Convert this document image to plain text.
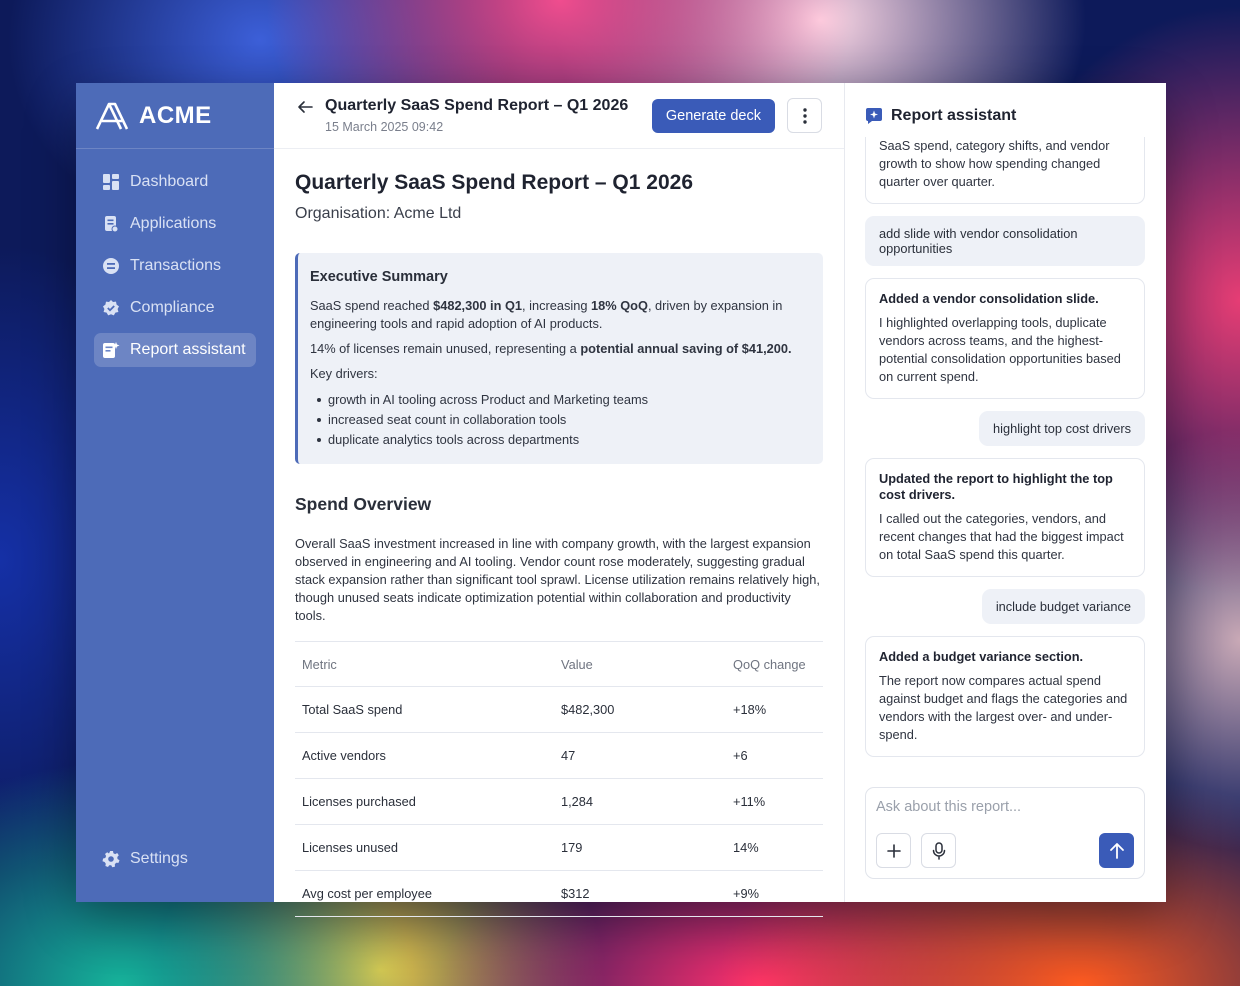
ACME
Dashboard
Applications
Transactions
Compliance
Report assistant
Settings
Quarterly SaaS Spend Report – Q1 2026
15 March 2025 09:42
Generate deck
Quarterly SaaS Spend Report – Q1 2026
Organisation: Acme Ltd
Executive Summary

SaaS spend reached $482,300 in Q1, increasing 18% QoQ, driven by expansion in engineering tools and rapid adoption of AI products.

14% of licenses remain unused, representing a potential annual saving of $41,200.

Key drivers:

growth in AI tooling across Product and Marketing teams
increased seat count in collaboration tools
duplicate analytics tools across departments
Spend Overview

Overall SaaS investment increased in line with company growth, with the largest expansion observed in engineering and AI tooling. Vendor count rose moderately, suggesting gradual stack expansion rather than significant tool sprawl. License utilization remains relatively high, though unused seats indicate optimization potential within collaboration and productivity tools.

Metric	Value	QoQ change
Total SaaS spend	$482,300	+18%
Active vendors	47	+6
Licenses purchased	1,284	+11%
Licenses unused	179	14%
Avg cost per employee	$312	+9%
Report assistant
SaaS spend, category shifts, and vendor growth to show how spending changed quarter over quarter.
add slide with vendor consolidation opportunities
Added a vendor consolidation slide.
I highlighted overlapping tools, duplicate vendors across teams, and the highest-potential consolidation opportunities based on current spend.
highlight top cost drivers
Updated the report to highlight the top cost drivers.
I called out the categories, vendors, and recent changes that had the biggest impact on total SaaS spend this quarter.
include budget variance
Added a budget variance section.
The report now compares actual spend against budget and flags the categories and vendors with the largest over- and under-spend.
Ask about this report...
